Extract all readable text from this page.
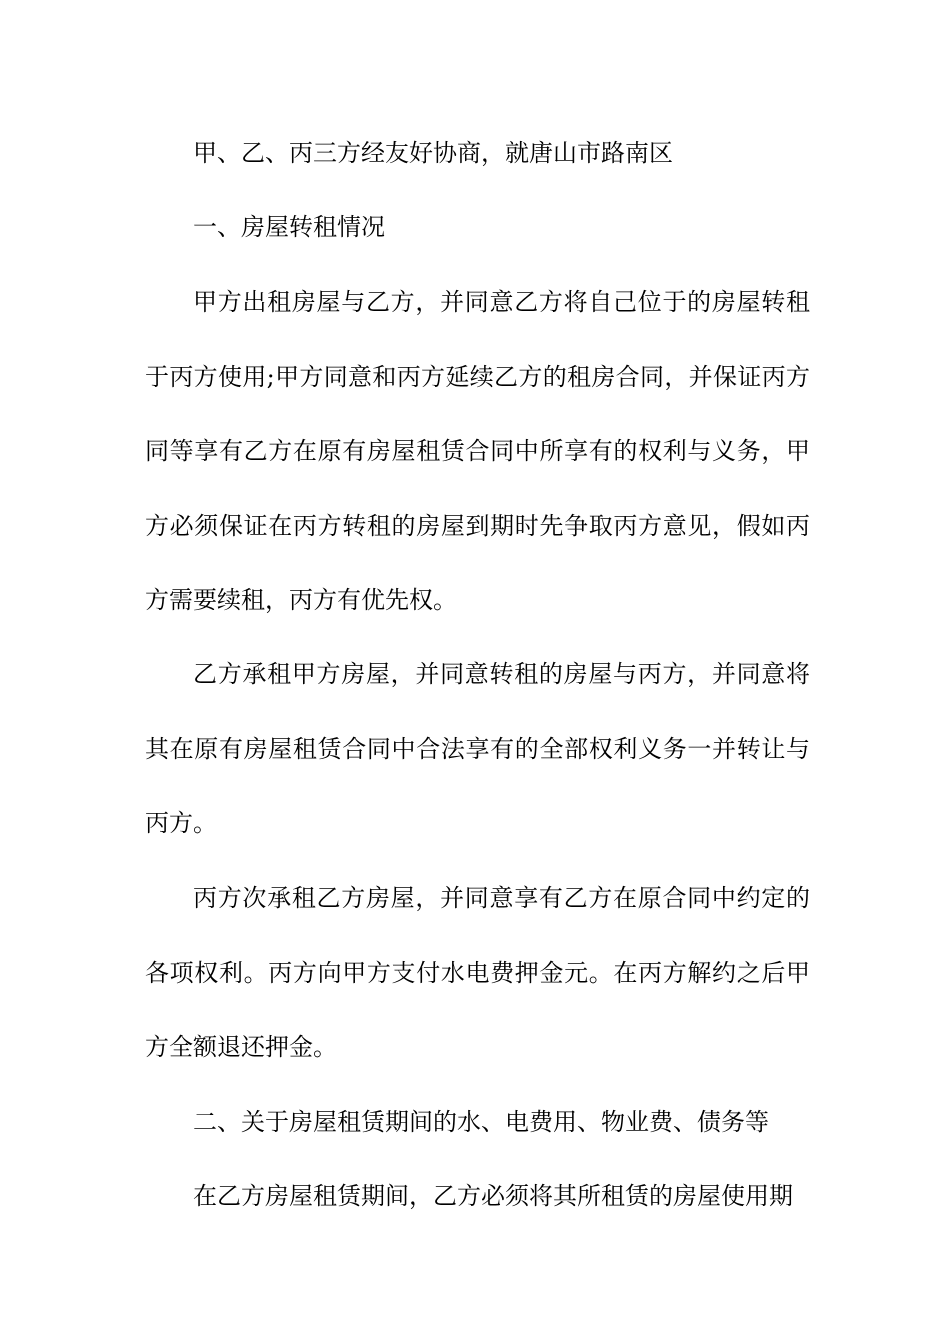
甲、乙、丙三方经友好协商，就唐山市路南区

一、房屋转租情况

甲方出租房屋与乙方，并同意乙方将自己位于的房屋转租于丙方使用;甲方同意和丙方延续乙方的租房合同，并保证丙方同等享有乙方在原有房屋租赁合同中所享有的权利与义务，甲方必须保证在丙方转租的房屋到期时先争取丙方意见，假如丙方需要续租，丙方有优先权。

乙方承租甲方房屋，并同意转租的房屋与丙方，并同意将其在原有房屋租赁合同中合法享有的全部权利义务一并转让与丙方。

丙方次承租乙方房屋，并同意享有乙方在原合同中约定的各项权利。丙方向甲方支付水电费押金元。在丙方解约之后甲方全额退还押金。

二、关于房屋租赁期间的水、电费用、物业费、债务等

在乙方房屋租赁期间，乙方必须将其所租赁的房屋使用期
